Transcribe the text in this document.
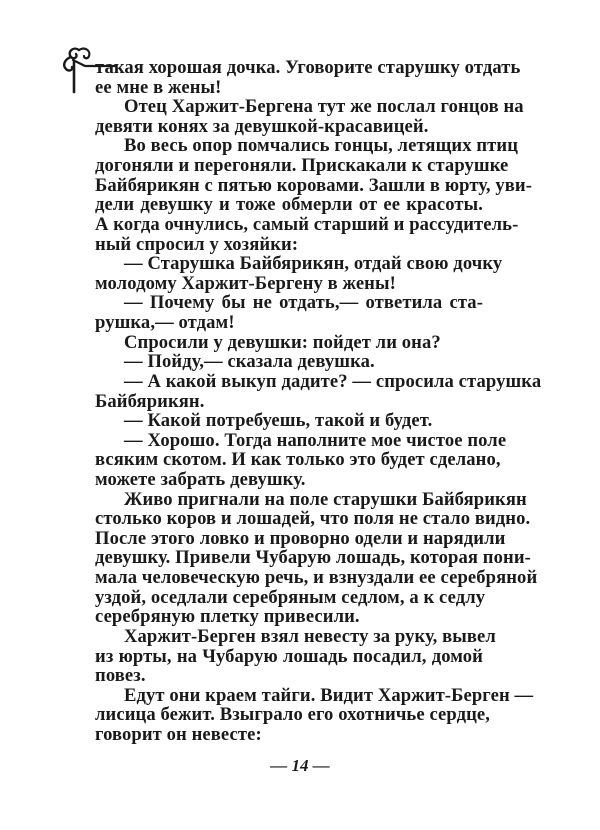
такая хорошая дочка. Уговорите старушку отдать
ее мне в жены!
Отец Харжит-Бергена тут же послал гонцов на
девяти коняx за девушкой-красавицей.
Во весь опор помчались гонцы, летящих птиц
догоняли и перегоняли. Прискакали к старушке
Байбярикян с пятью коровами. Зашли в юрту, уви-
дели девушку и тоже обмерли от ее красоты.
А когда очнулись, самый старший и рассудитель-
ный спросил у хозяйки:
— Старушка Байбярикян, отдай свою дочку
молодому Харжит-Бергену в жены!
— Почему бы не отдать,— ответила ста-
рушка,— отдам!
Спросили у девушки: пойдет ли она?
— Пойду,— сказала девушка.
— А какой выкуп дадите? — спросила старушка
Байбярикян.
— Какой потребуешь, такой и будет.
— Хорошо. Тогда наполните мое чистое поле
всяким скотом. И как только это будет сделано,
можете забрать девушку.
Живо пригнали на поле старушки Байбярикян
столько коров и лошадей, что поля не стало видно.
После этого ловко и проворно одели и нарядили
девушку. Привели Чубарую лошадь, которая пони-
мала человеческую речь, и взнуздали ее серебряной
уздой, оседлали серебряным седлом, а к седлу
серебряную плетку привесили.
Харжит-Берген взял невесту за руку, вывел
из юрты, на Чубарую лошадь посадил, домой
повез.
Едут они краем тайги. Видит Харжит-Берген —
лисица бежит. Взыграло его охотничье сердце,
говорит он невесте:
— 14 —
